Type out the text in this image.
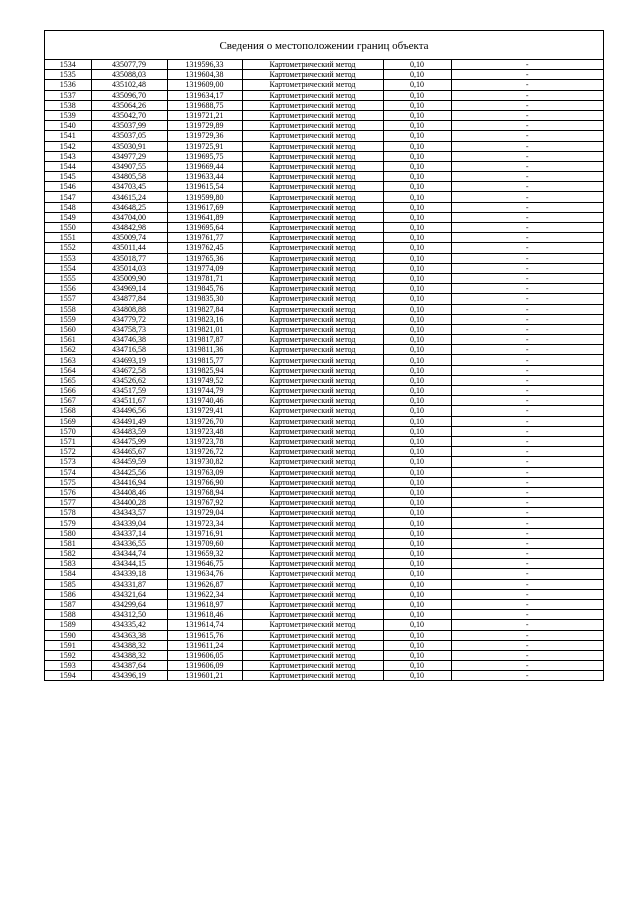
Сведения о местоположении границ объекта
1534	435077,79	1319596,33	Картометрический метод	0,10	-
1535	435088,03	1319604,38	Картометрический метод	0,10	-
1536	435102,48	1319609,00	Картометрический метод	0,10	-
1537	435096,70	1319634,17	Картометрический метод	0,10	-
1538	435064,26	1319688,75	Картометрический метод	0,10	-
1539	435042,70	1319721,21	Картометрический метод	0,10	-
1540	435037,99	1319729,89	Картометрический метод	0,10	-
1541	435037,05	1319729,36	Картометрический метод	0,10	-
1542	435030,91	1319725,91	Картометрический метод	0,10	-
1543	434977,29	1319695,75	Картометрический метод	0,10	-
1544	434907,55	1319669,44	Картометрический метод	0,10	-
1545	434805,58	1319633,44	Картометрический метод	0,10	-
1546	434703,45	1319615,54	Картометрический метод	0,10	-
1547	434615,24	1319599,80	Картометрический метод	0,10	-
1548	434648,25	1319617,69	Картометрический метод	0,10	-
1549	434704,00	1319641,89	Картометрический метод	0,10	-
1550	434842,98	1319695,64	Картометрический метод	0,10	-
1551	435009,74	1319761,77	Картометрический метод	0,10	-
1552	435011,44	1319762,45	Картометрический метод	0,10	-
1553	435018,77	1319765,36	Картометрический метод	0,10	-
1554	435014,03	1319774,09	Картометрический метод	0,10	-
1555	435009,90	1319781,71	Картометрический метод	0,10	-
1556	434969,14	1319845,76	Картометрический метод	0,10	-
1557	434877,84	1319835,30	Картометрический метод	0,10	-
1558	434808,88	1319827,84	Картометрический метод	0,10	-
1559	434779,72	1319823,16	Картометрический метод	0,10	-
1560	434758,73	1319821,01	Картометрический метод	0,10	-
1561	434746,38	1319817,87	Картометрический метод	0,10	-
1562	434716,58	1319811,36	Картометрический метод	0,10	-
1563	434693,19	1319815,77	Картометрический метод	0,10	-
1564	434672,58	1319825,94	Картометрический метод	0,10	-
1565	434526,62	1319749,52	Картометрический метод	0,10	-
1566	434517,59	1319744,79	Картометрический метод	0,10	-
1567	434511,67	1319740,46	Картометрический метод	0,10	-
1568	434496,56	1319729,41	Картометрический метод	0,10	-
1569	434491,49	1319726,70	Картометрический метод	0,10	-
1570	434483,59	1319723,48	Картометрический метод	0,10	-
1571	434475,99	1319723,78	Картометрический метод	0,10	-
1572	434465,67	1319726,72	Картометрический метод	0,10	-
1573	434459,59	1319730,82	Картометрический метод	0,10	-
1574	434425,56	1319763,09	Картометрический метод	0,10	-
1575	434416,94	1319766,90	Картометрический метод	0,10	-
1576	434408,46	1319768,94	Картометрический метод	0,10	-
1577	434400,28	1319767,92	Картометрический метод	0,10	-
1578	434343,57	1319729,04	Картометрический метод	0,10	-
1579	434339,04	1319723,34	Картометрический метод	0,10	-
1580	434337,14	1319716,91	Картометрический метод	0,10	-
1581	434336,55	1319709,60	Картометрический метод	0,10	-
1582	434344,74	1319659,32	Картометрический метод	0,10	-
1583	434344,15	1319646,75	Картометрический метод	0,10	-
1584	434339,18	1319634,76	Картометрический метод	0,10	-
1585	434331,87	1319626,87	Картометрический метод	0,10	-
1586	434321,64	1319622,34	Картометрический метод	0,10	-
1587	434299,64	1319618,97	Картометрический метод	0,10	-
1588	434312,50	1319618,46	Картометрический метод	0,10	-
1589	434335,42	1319614,74	Картометрический метод	0,10	-
1590	434363,38	1319615,76	Картометрический метод	0,10	-
1591	434388,32	1319611,24	Картометрический метод	0,10	-
1592	434388,32	1319606,05	Картометрический метод	0,10	-
1593	434387,64	1319606,09	Картометрический метод	0,10	-
1594	434396,19	1319601,21	Картометрический метод	0,10	-
